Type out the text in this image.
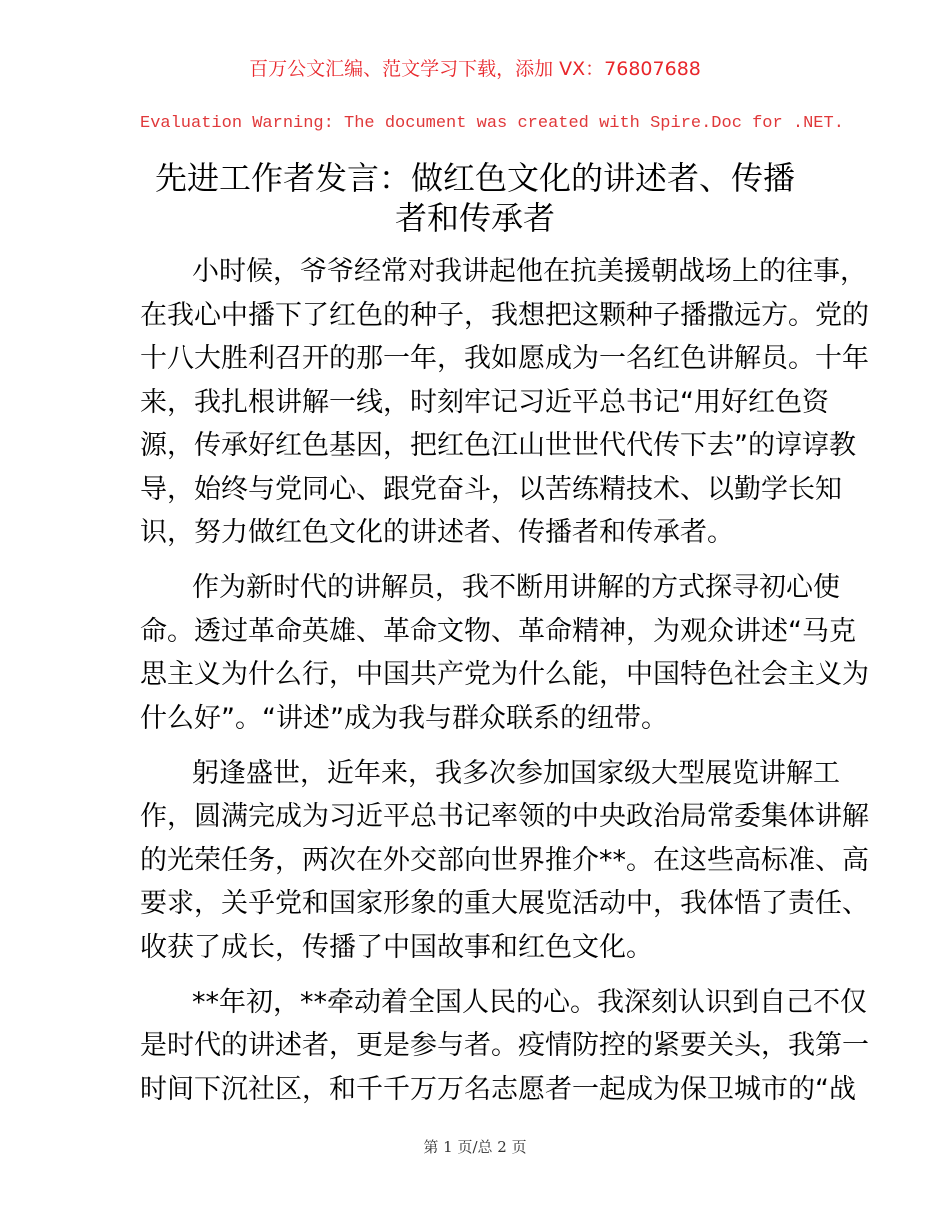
百万公文汇编、范文学习下载，添加 VX：76807688
Evaluation Warning: The document was created with Spire.Doc for .NET.
先进工作者发言：做红色文化的讲述者、传播
者和传承者
小时候，爷爷经常对我讲起他在抗美援朝战场上的往事，
在我心中播下了红色的种子，我想把这颗种子播撒远方。党的
十八大胜利召开的那一年，我如愿成为一名红色讲解员。十年
来，我扎根讲解一线，时刻牢记习近平总书记“用好红色资
源，传承好红色基因，把红色江山世世代代传下去”的谆谆教
导，始终与党同心、跟党奋斗，以苦练精技术、以勤学长知
识，努力做红色文化的讲述者、传播者和传承者。
作为新时代的讲解员，我不断用讲解的方式探寻初心使
命。透过革命英雄、革命文物、革命精神，为观众讲述“马克
思主义为什么行，中国共产党为什么能，中国特色社会主义为
什么好”。“讲述”成为我与群众联系的纽带。
躬逢盛世，近年来，我多次参加国家级大型展览讲解工
作，圆满完成为习近平总书记率领的中央政治局常委集体讲解
的光荣任务，两次在外交部向世界推介**。在这些高标准、高
要求，关乎党和国家形象的重大展览活动中，我体悟了责任、
收获了成长，传播了中国故事和红色文化。
**年初，**牵动着全国人民的心。我深刻认识到自己不仅
是时代的讲述者，更是参与者。疫情防控的紧要关头，我第一
时间下沉社区，和千千万万名志愿者一起成为保卫城市的“战
第 1 页/总 2 页
